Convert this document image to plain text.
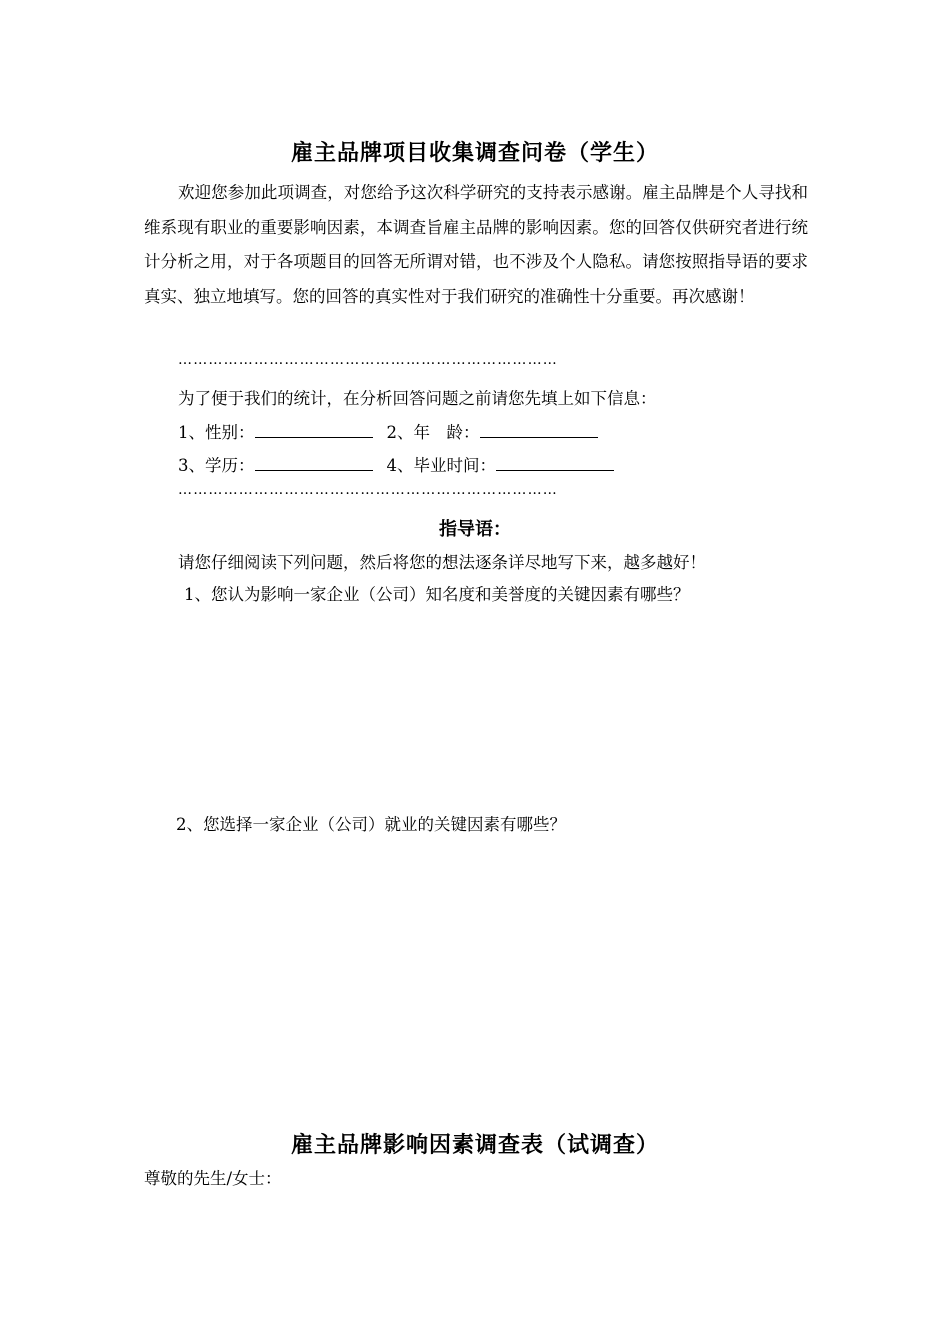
雇主品牌项目收集调查问卷（学生）
欢迎您参加此项调查，对您给予这次科学研究的支持表示感谢。雇主品牌是个人寻找和维系现有职业的重要影响因素，本调查旨雇主品牌的影响因素。您的回答仅供研究者进行统计分析之用，对于各项题目的回答无所谓对错，也不涉及个人隐私。请您按照指导语的要求真实、独立地填写。您的回答的真实性对于我们研究的准确性十分重要。再次感谢！
…………………………………………………………………
为了便于我们的统计，在分析回答问题之前请您先填上如下信息：
1、性别：	2、年　龄：
3、学历：	4、毕业时间：
…………………………………………………………………
指导语：
请您仔细阅读下列问题，然后将您的想法逐条详尽地写下来，越多越好！
1、您认为影响一家企业（公司）知名度和美誉度的关键因素有哪些？
2、您选择一家企业（公司）就业的关键因素有哪些？
雇主品牌影响因素调查表（试调查）
尊敬的先生/女士：
